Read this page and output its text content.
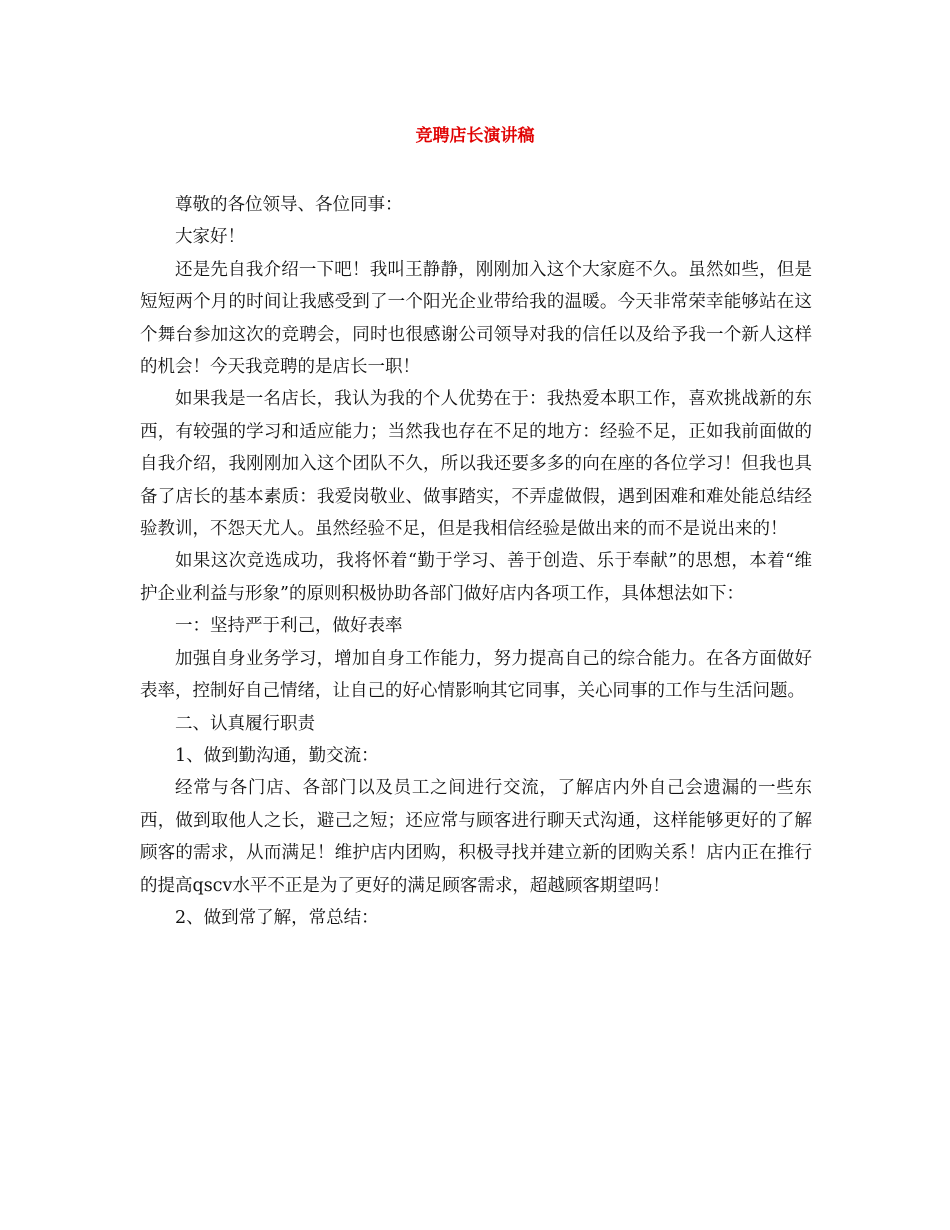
竞聘店长演讲稿

尊敬的各位领导、各位同事：

大家好！

还是先自我介绍一下吧！我叫王静静，刚刚加入这个大家庭不久。虽然如些，但是短短两个月的时间让我感受到了一个阳光企业带给我的温暖。今天非常荣幸能够站在这个舞台参加这次的竞聘会，同时也很感谢公司领导对我的信任以及给予我一个新人这样的机会！今天我竞聘的是店长一职！

如果我是一名店长，我认为我的个人优势在于：我热爱本职工作，喜欢挑战新的东西，有较强的学习和适应能力；当然我也存在不足的地方：经验不足，正如我前面做的自我介绍，我刚刚加入这个团队不久，所以我还要多多的向在座的各位学习！但我也具备了店长的基本素质：我爱岗敬业、做事踏实，不弄虚做假，遇到困难和难处能总结经验教训，不怨天尤人。虽然经验不足，但是我相信经验是做出来的而不是说出来的！

如果这次竞选成功，我将怀着“勤于学习、善于创造、乐于奉献”的思想，本着“维护企业利益与形象”的原则积极协助各部门做好店内各项工作，具体想法如下：

一：坚持严于利己，做好表率

加强自身业务学习，增加自身工作能力，努力提高自己的综合能力。在各方面做好表率，控制好自己情绪，让自己的好心情影响其它同事，关心同事的工作与生活问题。

二、认真履行职责

1、做到勤沟通，勤交流：

经常与各门店、各部门以及员工之间进行交流，了解店内外自己会遗漏的一些东西，做到取他人之长，避己之短；还应常与顾客进行聊天式沟通，这样能够更好的了解顾客的需求，从而满足！维护店内团购，积极寻找并建立新的团购关系！店内正在推行的提高qscv水平不正是为了更好的满足顾客需求，超越顾客期望吗！

2、做到常了解，常总结：
